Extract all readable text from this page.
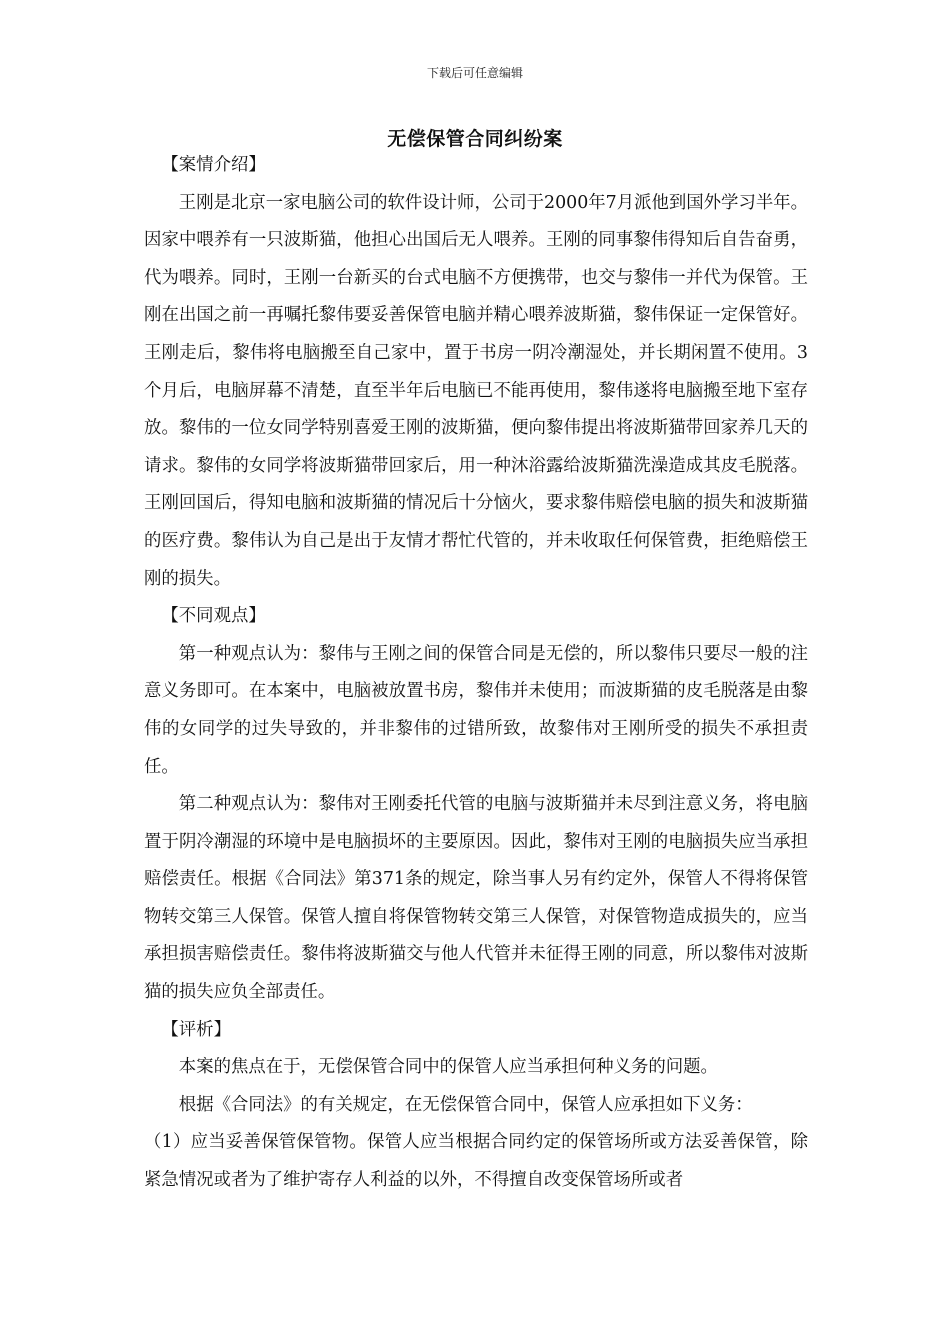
下载后可任意编辑
无偿保管合同纠纷案

【案情介绍】

王刚是北京一家电脑公司的软件设计师，公司于2000年7月派他到国外学习半年。因家中喂养有一只波斯猫，他担心出国后无人喂养。王刚的同事黎伟得知后自告奋勇，代为喂养。同时，王刚一台新买的台式电脑不方便携带，也交与黎伟一并代为保管。王刚在出国之前一再嘱托黎伟要妥善保管电脑并精心喂养波斯猫，黎伟保证一定保管好。王刚走后，黎伟将电脑搬至自己家中，置于书房一阴冷潮湿处，并长期闲置不使用。3个月后，电脑屏幕不清楚，直至半年后电脑已不能再使用，黎伟遂将电脑搬至地下室存放。黎伟的一位女同学特别喜爱王刚的波斯猫，便向黎伟提出将波斯猫带回家养几天的请求。黎伟的女同学将波斯猫带回家后，用一种沐浴露给波斯猫洗澡造成其皮毛脱落。王刚回国后，得知电脑和波斯猫的情况后十分恼火，要求黎伟赔偿电脑的损失和波斯猫的医疗费。黎伟认为自己是出于友情才帮忙代管的，并未收取任何保管费，拒绝赔偿王刚的损失。

【不同观点】

第一种观点认为：黎伟与王刚之间的保管合同是无偿的，所以黎伟只要尽一般的注意义务即可。在本案中，电脑被放置书房，黎伟并未使用；而波斯猫的皮毛脱落是由黎伟的女同学的过失导致的，并非黎伟的过错所致，故黎伟对王刚所受的损失不承担责任。

第二种观点认为：黎伟对王刚委托代管的电脑与波斯猫并未尽到注意义务，将电脑置于阴冷潮湿的环境中是电脑损坏的主要原因。因此，黎伟对王刚的电脑损失应当承担赔偿责任。根据《合同法》第371条的规定，除当事人另有约定外，保管人不得将保管物转交第三人保管。保管人擅自将保管物转交第三人保管，对保管物造成损失的，应当承担损害赔偿责任。黎伟将波斯猫交与他人代管并未征得王刚的同意，所以黎伟对波斯猫的损失应负全部责任。

【评析】

本案的焦点在于，无偿保管合同中的保管人应当承担何种义务的问题。

根据《合同法》的有关规定，在无偿保管合同中，保管人应承担如下义务：

（1）应当妥善保管保管物。保管人应当根据合同约定的保管场所或方法妥善保管，除紧急情况或者为了维护寄存人利益的以外，不得擅自改变保管场所或者
